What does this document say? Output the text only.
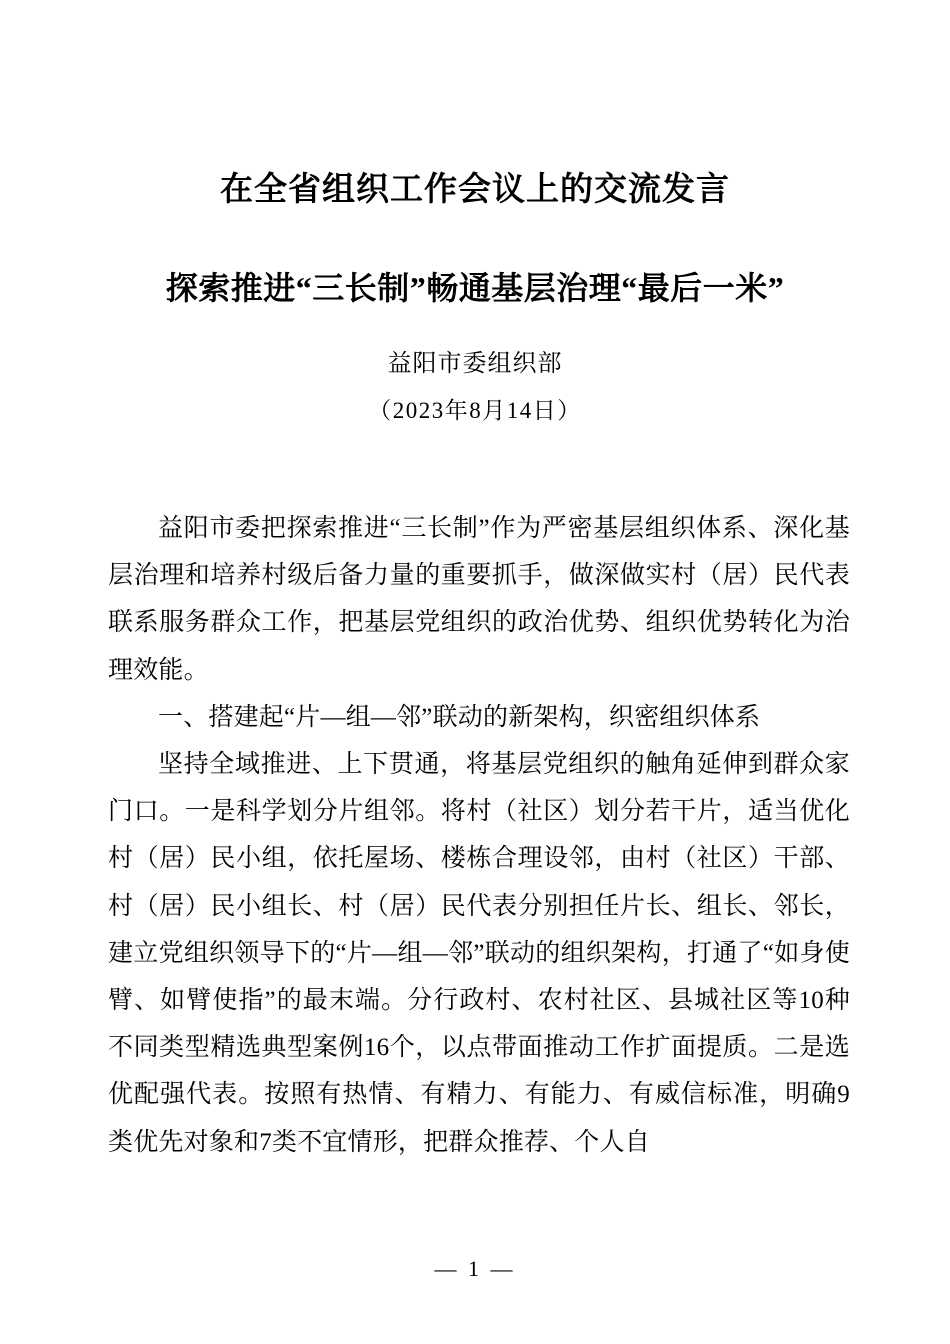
在全省组织工作会议上的交流发言
探索推进“三长制”畅通基层治理“最后一米”

益阳市委组织部

（2023年8月14日）

益阳市委把探索推进“三长制”作为严密基层组织体系、深化基层治理和培养村级后备力量的重要抓手，做深做实村（居）民代表联系服务群众工作，把基层党组织的政治优势、组织优势转化为治理效能。

一、搭建起“片—组—邻”联动的新架构，织密组织体系

坚持全域推进、上下贯通，将基层党组织的触角延伸到群众家门口。一是科学划分片组邻。将村（社区）划分若干片，适当优化村（居）民小组，依托屋场、楼栋合理设邻，由村（社区）干部、村（居）民小组长、村（居）民代表分别担任片长、组长、邻长，建立党组织领导下的“片—组—邻”联动的组织架构，打通了“如身使臂、如臂使指”的最末端。分行政村、农村社区、县城社区等10种不同类型精选典型案例16个，以点带面推动工作扩面提质。二是选优配强代表。按照有热情、有精力、有能力、有威信标准，明确9类优先对象和7类不宜情形，把群众推荐、个人自

— 1 —
